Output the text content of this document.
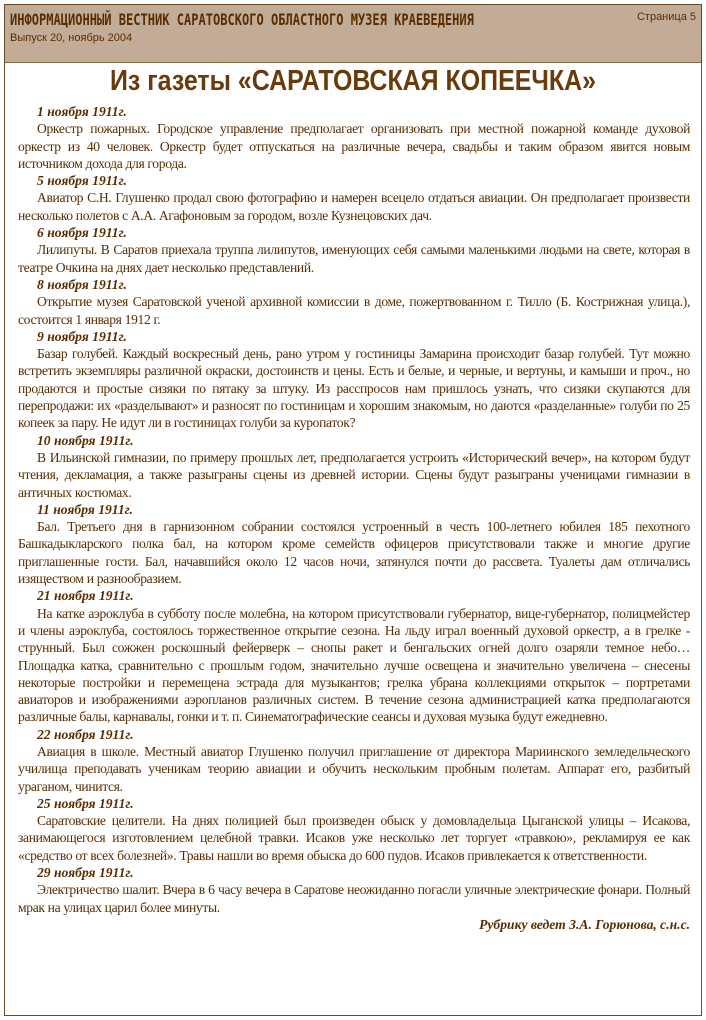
ИНФОРМАЦИОННЫЙ ВЕСТНИК САРАТОВСКОГО ОБЛАСТНОГО МУЗЕЯ КРАЕВЕДЕНИЯ
Выпуск 20, ноябрь 2004
Страница 5
Из газеты «САРАТОВСКАЯ КОПЕЕЧКА»

1 ноября 1911г.

Оркестр пожарных. Городское управление предполагает организовать при местной пожарной команде духовой оркестр из 40 человек. Оркестр будет отпускаться на различные вечера, свадьбы и таким образом явится новым источником дохода для города.

5 ноября 1911г.

Авиатор С.Н. Глушенко продал свою фотографию и намерен всецело отдаться авиации. Он предполагает произвести несколько полетов с А.А. Агафоновым за городом, возле Кузнецовских дач.

6 ноября 1911г.

Лилипуты. В Саратов приехала труппа лилипутов, именующих себя самыми маленькими людьми на свете, которая в театре Очкина на днях дает несколько представлений.

8 ноября 1911г.

Открытие музея Саратовской ученой архивной комиссии в доме, пожертвованном г. Тилло (Б. Кострижная улица.), состоится 1 января 1912 г.

9 ноября 1911г.

Базар голубей. Каждый воскресный день, рано утром у гостиницы Замарина происходит базар голубей. Тут можно встретить экземпляры различной окраски, достоинств и цены. Есть и белые, и черные, и вертуны, и камыши и проч., но продаются и простые сизяки по пятаку за штуку. Из расспросов нам пришлось узнать, что сизяки скупаются для перепродажи: их «разделывают» и разносят по гостиницам и хорошим знакомым, но даются «разделанные» голуби по 25 копеек за пару. Не идут ли в гостиницах голуби за куропаток?

10 ноября 1911г.

В Ильинской гимназии, по примеру прошлых лет, предполагается устроить «Исторический вечер», на котором будут чтения, декламация, а также разыграны сцены из древней истории. Сцены будут разыграны ученицами гимназии в античных костюмах.

11 ноября 1911г.

Бал. Третьего дня в гарнизонном собрании состоялся устроенный в честь 100-летнего юбилея 185 пехотного Башкадыкларского полка бал, на котором кроме семейств офицеров присутствовали также и многие другие приглашенные гости. Бал, начавшийся около 12 часов ночи, затянулся почти до рассвета. Туалеты дам отличались изяществом и разнообразием.

21 ноября 1911г.

На катке аэроклуба в субботу после молебна, на котором присутствовали губернатор, вице-губернатор, полицмейстер и члены аэроклуба, состоялось торжественное открытие сезона. На льду играл военный духовой оркестр, а в грелке - струнный. Был сожжен роскошный фейерверк – снопы ракет и бенгальских огней долго озаряли темное небо… Площадка катка, сравнительно с прошлым годом, значительно лучше освещена и значительно увеличена – снесены некоторые постройки и перемещена эстрада для музыкантов; грелка убрана коллекциями открыток – портретами авиаторов и изображениями аэропланов различных систем. В течение сезона администрацией катка предполагаются различные балы, карнавалы, гонки и т. п. Синематографические сеансы и духовая музыка будут ежедневно.

22 ноября 1911г.

Авиация в школе. Местный авиатор Глушенко получил приглашение от директора Мариинского земледельческого училища преподавать ученикам теорию авиации и обучить нескольким пробным полетам. Аппарат его, разбитый ураганом, чинится.

25 ноября 1911г.

Саратовские целители. На днях полицией был произведен обыск у домовладельца Цыганской улицы – Исакова, занимающегося изготовлением целебной травки. Исаков уже несколько лет торгует «травкою», рекламируя ее как «средство от всех болезней». Травы нашли во время обыска до 600 пудов. Исаков привлекается к ответственности.

29 ноября 1911г.

Электричество шалит. Вчера в 6 часу вечера в Саратове неожиданно погасли уличные электрические фонари. Полный мрак на улицах царил более минуты.

Рубрику ведет З.А. Горюнова, с.н.с.
